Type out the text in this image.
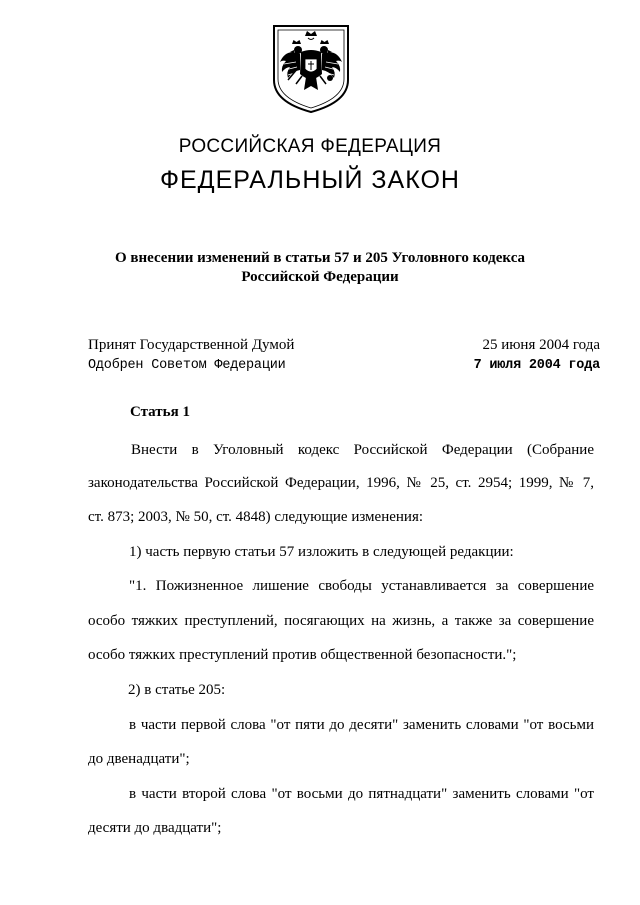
РОССИЙСКАЯ ФЕДЕРАЦИЯ
ФЕДЕРАЛЬНЫЙ ЗАКОН
О внесении изменений в статьи 57 и 205 Уголовного кодекса
Российской Федерации
Принят Государственной Думой	25 июня 2004 года
Одобрен Советом Федерации	7 июля 2004 года
Статья 1
Внести в Уголовный кодекс Российской Федерации (Собрание
законодательства Российской Федерации, 1996, № 25, ст. 2954; 1999, № 7,
ст. 873; 2003, № 50, ст. 4848) следующие изменения:
1) часть первую статьи 57 изложить в следующей редакции:
"1. Пожизненное лишение свободы устанавливается за совершение
особо тяжких преступлений, посягающих на жизнь, а также за совершение
особо тяжких преступлений против общественной безопасности.";
2) в статье 205:
в части первой слова "от пяти до десяти" заменить словами "от восьми
до двенадцати";
в части второй слова "от восьми до пятнадцати" заменить словами "от
десяти до двадцати";
